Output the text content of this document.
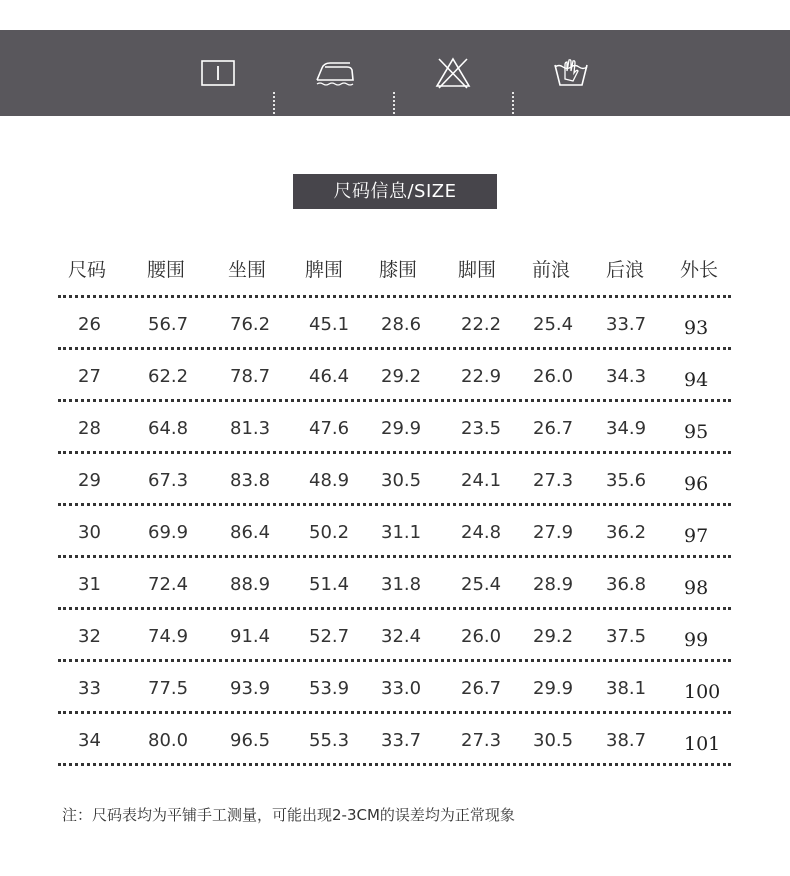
尺码信息/SIZE
尺码 腰围 坐围 脾围 膝围 脚围 前浪 后浪 外长
26	56.7 76.2 45.1 28.6 22.2 25.4 33.7 93
27	62.2 78.7 46.4 29.2 22.9 26.0 34.3 94
28	64.8 81.3 47.6 29.9 23.5 26.7 34.9 95
29	67.3 83.8 48.9 30.5 24.1 27.3 35.6 96
30	69.9 86.4 50.2 31.1 24.8 27.9 36.2 97
31	72.4 88.9 51.4 31.8 25.4 28.9 36.8 98
32	74.9 91.4 52.7 32.4 26.0 29.2 37.5 99
33	77.5 93.9 53.9 33.0 26.7 29.9 38.1 100
34	80.0 96.5 55.3 33.7 27.3 30.5 38.7 101
注：尺码表均为平铺手工测量，可能出现2-3CM的误差均为正常现象
